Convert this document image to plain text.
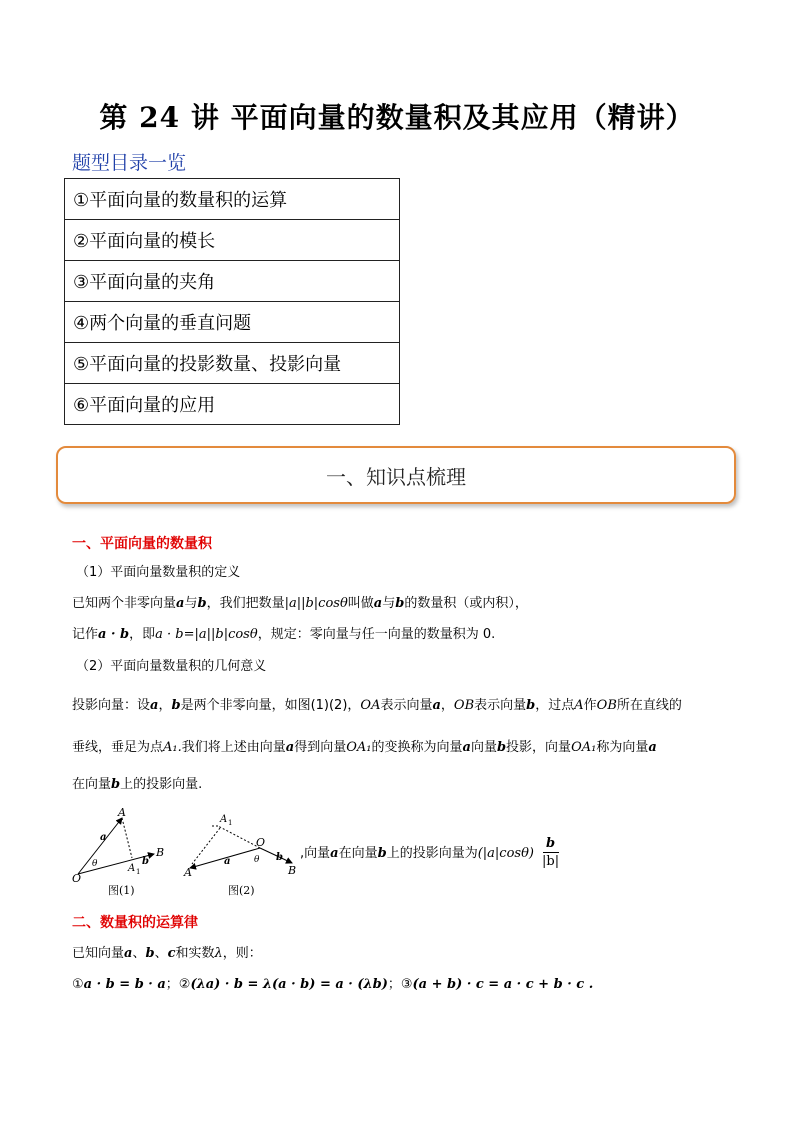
第 24 讲 平面向量的数量积及其应用（精讲）
题型目录一览
①平面向量的数量积的运算
②平面向量的模长
③平面向量的夹角
④两个向量的垂直问题
⑤平面向量的投影数量、投影向量
⑥平面向量的应用
一、知识点梳理
一、平面向量的数量积
（1）平面向量数量积的定义
已知两个非零向量a与b，我们把数量|a||b|cosθ叫做a与b的数量积（或内积），
记作a · b，即a · b=|a||b|cosθ，规定：零向量与任一向量的数量积为 0.
（2）平面向量数量积的几何意义
投影向量：设a，b是两个非零向量，如图(1)(2)，OA表示向量a，OB表示向量b，过点A作OB所在直线的
垂线，垂足为点A₁.我们将上述由向量a得到向量OA₁的变换称为向量a向量b投影，向量OA₁称为向量a
在向量b上的投影向量.
O
A
B
A 1
a
b
θ
A 1
O
A	B
a	b
θ
图(1)	图(2)
,向量a在向量b上的投影向量为(|a|cosθ)
b
|b|
二、数量积的运算律
已知向量a、b、c和实数λ，则：
①a · b = b · a；②(λa) · b = λ(a · b) = a · (λb)；③(a + b) · c = a · c + b · c .
